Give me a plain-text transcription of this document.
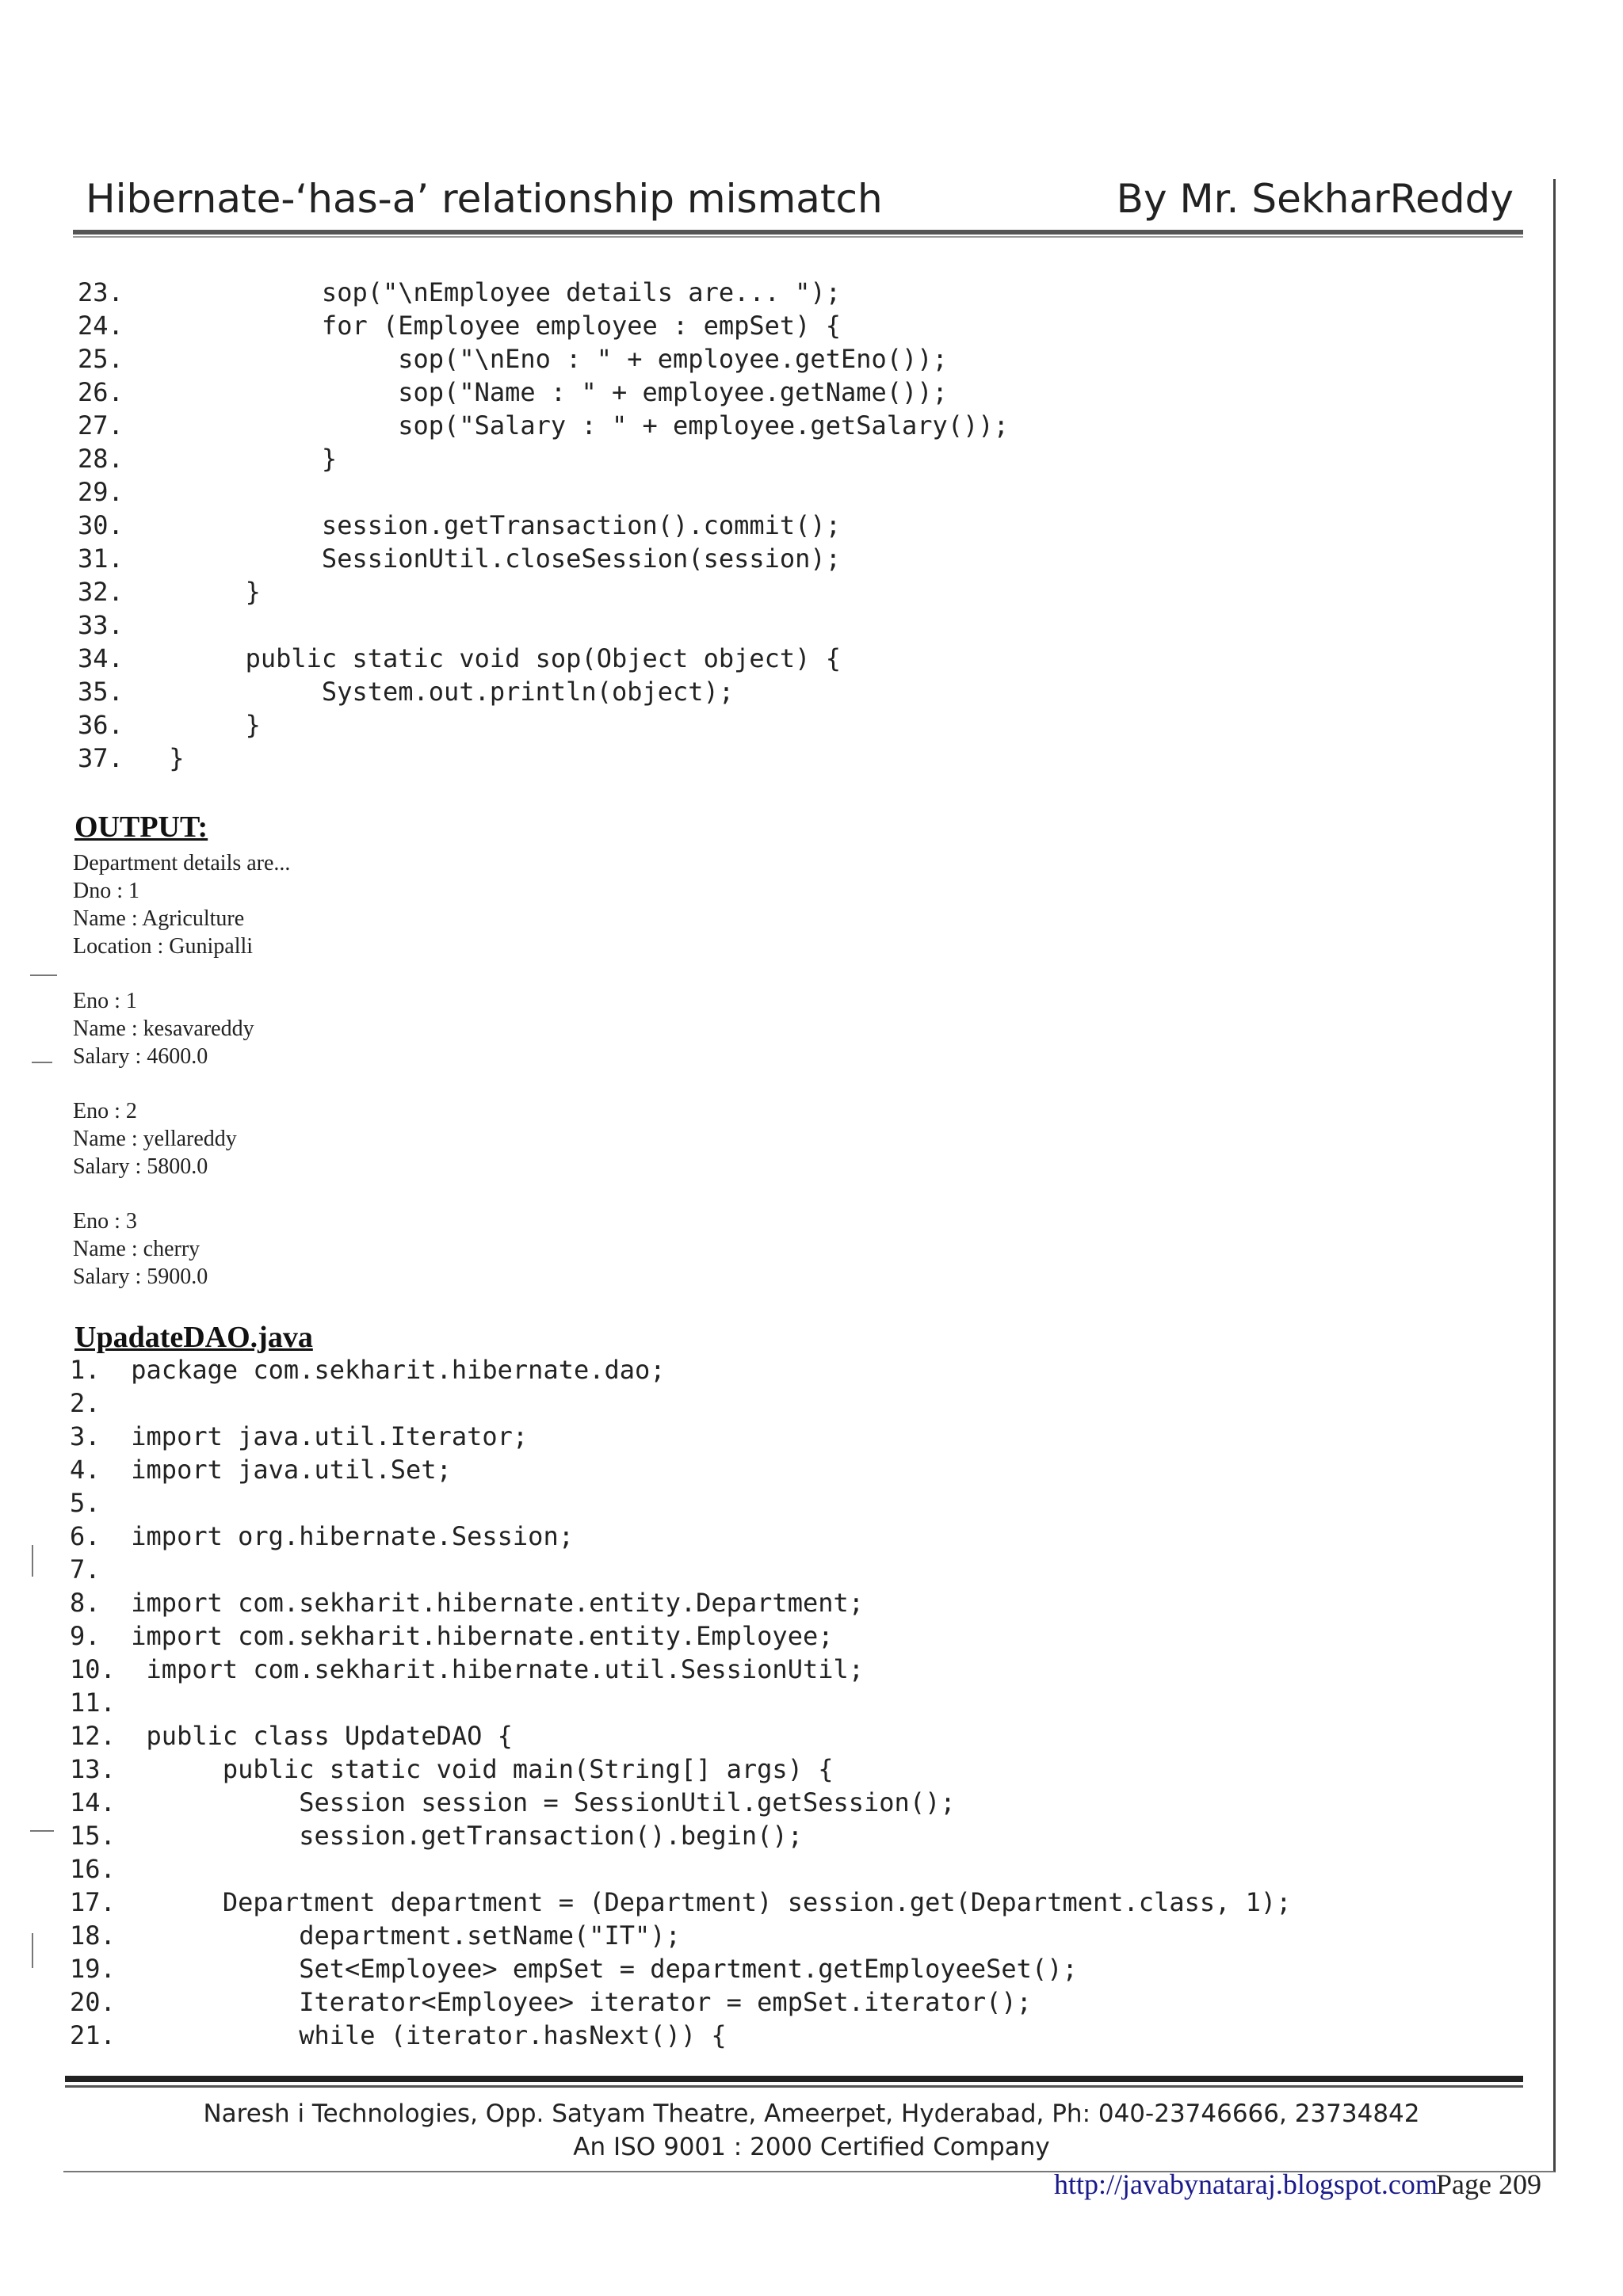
Hibernate-‘has-a’ relationship mismatch	By Mr. SekharReddy
23.           sop("\nEmployee details are... ");
24.           for (Employee employee : empSet) {
25.                sop("\nEno : " + employee.getEno());
26.                sop("Name : " + employee.getName());
27.                sop("Salary : " + employee.getSalary());
28.           }
29.
30.           session.getTransaction().commit();
31.           SessionUtil.closeSession(session);
32.      }
33.
34.      public static void sop(Object object) {
35.           System.out.println(object);
36.      }
37. }
OUTPUT:
Department details are...
Dno : 1
Name : Agriculture
Location : Gunipalli
Eno : 1
Name : kesavareddy
Salary : 4600.0
Eno : 2
Name : yellareddy
Salary : 5800.0
Eno : 3
Name : cherry
Salary : 5900.0
UpadateDAO.java
1. package com.sekharit.hibernate.dao;
2.
3. import java.util.Iterator;
4. import java.util.Set;
5.
6. import org.hibernate.Session;
7.
8. import com.sekharit.hibernate.entity.Department;
9. import com.sekharit.hibernate.entity.Employee;
10.  import com.sekharit.hibernate.util.SessionUtil;
11.
12.  public class UpdateDAO {
13.       public static void main(String[] args) {
14.            Session session = SessionUtil.getSession();
15.            session.getTransaction().begin();
16.
17.       Department department = (Department) session.get(Department.class, 1);
18.            department.setName("IT");
19.            Set<Employee> empSet = department.getEmployeeSet();
20.            Iterator<Employee> iterator = empSet.iterator();
21.            while (iterator.hasNext()) {
Naresh i Technologies, Opp. Satyam Theatre, Ameerpet, Hyderabad, Ph: 040-23746666, 23734842
An ISO 9001 : 2000 Certified Company
http://javabynataraj.blogspot.com
Page 209
